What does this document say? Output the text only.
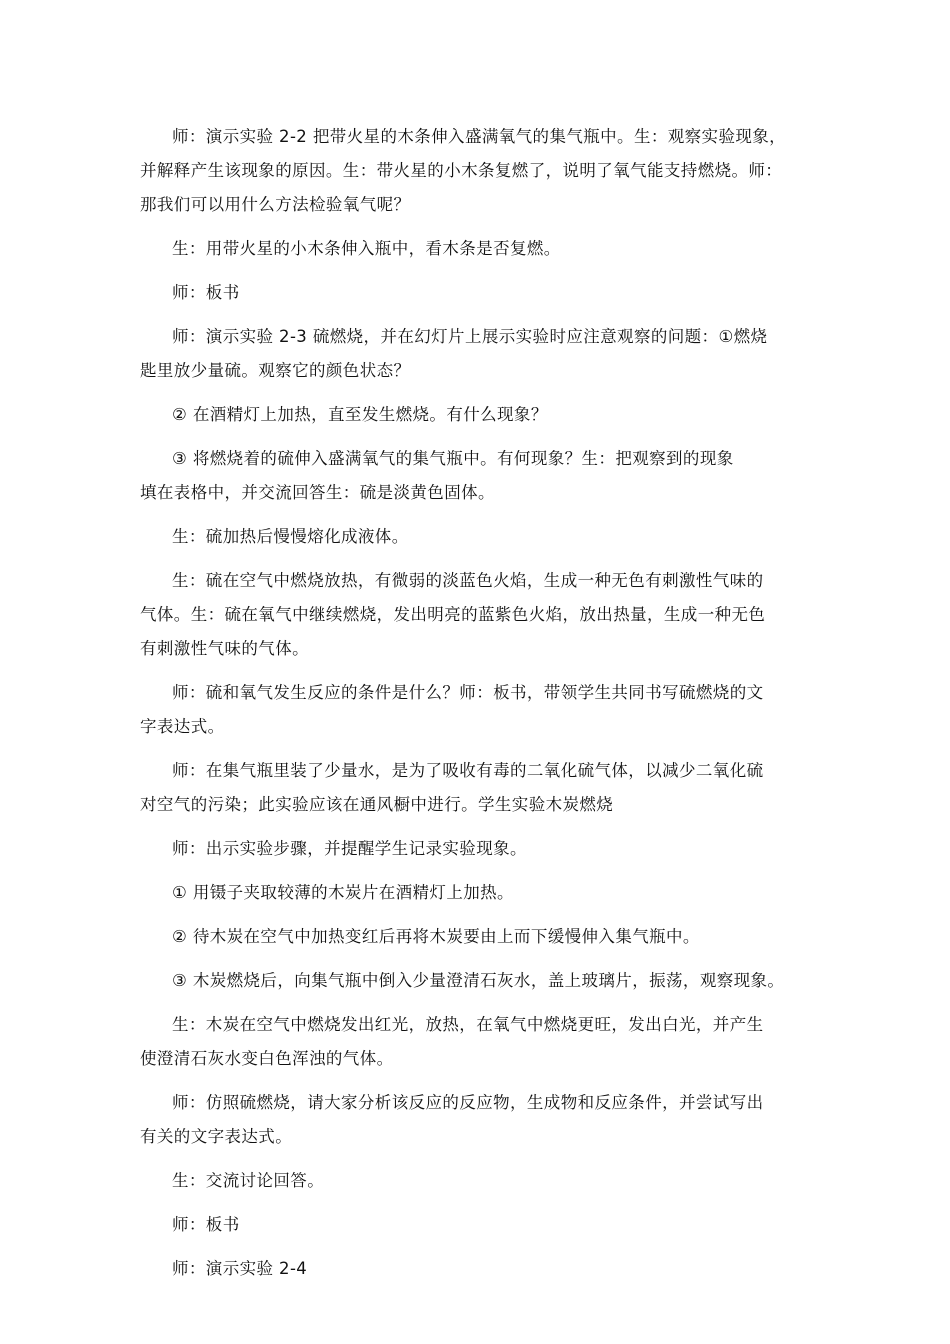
师：演示实验 2-2 把带火星的木条伸入盛满氧气的集气瓶中。生：观察实验现象，
并解释产生该现象的原因。生：带火星的小木条复燃了，说明了氧气能支持燃烧。师：
那我们可以用什么方法检验氧气呢？

生：用带火星的小木条伸入瓶中，看木条是否复燃。

师：板书

师：演示实验 2-3 硫燃烧，并在幻灯片上展示实验时应注意观察的问题：①燃烧
匙里放少量硫。观察它的颜色状态？

② 在酒精灯上加热，直至发生燃烧。有什么现象？

③ 将燃烧着的硫伸入盛满氧气的集气瓶中。有何现象？生：把观察到的现象
填在表格中，并交流回答生：硫是淡黄色固体。

生：硫加热后慢慢熔化成液体。

生：硫在空气中燃烧放热，有微弱的淡蓝色火焰，生成一种无色有刺激性气味的
气体。生：硫在氧气中继续燃烧，发出明亮的蓝紫色火焰，放出热量，生成一种无色
有刺激性气味的气体。

师：硫和氧气发生反应的条件是什么？师：板书，带领学生共同书写硫燃烧的文
字表达式。

师：在集气瓶里装了少量水，是为了吸收有毒的二氧化硫气体，以减少二氧化硫
对空气的污染；此实验应该在通风橱中进行。学生实验木炭燃烧

师：出示实验步骤，并提醒学生记录实验现象。

① 用镊子夹取较薄的木炭片在酒精灯上加热。

② 待木炭在空气中加热变红后再将木炭要由上而下缓慢伸入集气瓶中。

③ 木炭燃烧后，向集气瓶中倒入少量澄清石灰水，盖上玻璃片，振荡，观察现象。

生：木炭在空气中燃烧发出红光，放热，在氧气中燃烧更旺，发出白光，并产生
使澄清石灰水变白色浑浊的气体。

师：仿照硫燃烧，请大家分析该反应的反应物，生成物和反应条件，并尝试写出
有关的文字表达式。

生：交流讨论回答。

师：板书

师：演示实验 2-4
